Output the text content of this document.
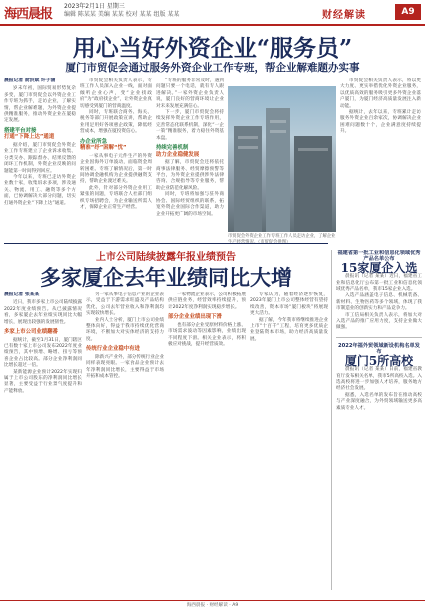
海西晨报
2023年2月1日 星期三
编辑 陈某某 美编 某某 校对 某某 组版 某某	财经解读	A9
用心当好外资企业“服务员”
厦门市贸促会通过服务外资企业工作专班，帮企业解难题办实事
晨报记者 俞洪斌 许子涵

岁末年初，国际贸易形势复杂多变，厦门市贸促会以外资企业工作专班为抓手，走访企业，了解实情，帮企业解难题，为外资企业提供精准服务，推动外资企业在厦稳定发展。

搭建平台对接
打通“下降上达”通道

据介绍，厦门市贸促会外资企业工作专班建立了企业诉求收集、分类交办、跟踪督办、结果反馈的闭环工作机制，外资企业反映的问题能第一时间得到回应。

今年以来，专班已走访外资企业数十家，收集诉求多项，涉及通关、物流、用工、融资等多个方面，已协调解决大部分问题，切实打通外资企业“下降上达”通道。

市贸促会相关负责人表示，专班工作人员深入企业一线，面对面倾听企业心声，变“企业找政府”为“政府找企业”，让外资企业真切感受到厦门的营商温度。

同时，专班联合商务、海关、税务等部门开展政策宣讲，帮助企业用足用好各项惠企政策，降低经营成本，增强在厦投资信心。

办企业所急
精准“纾”困解“忧”

一家从事电子元件生产的外资企业因海外订单波动，面临资金周转困难。专班了解情况后，第一时间协调金融机构为企业提供融资支持，帮助企业渡过难关。

此外，针对部分外资企业用工紧张的问题，专班联合人社部门组织专场招聘会，为企业输送所需人才，保障企业正常生产经营。

“专班的服务非常及时，遇到问题只要一个电话，就有专人跟进解决。”一家外资企业负责人说，厦门良好的营商环境让企业对未来发展充满信心。

下一步，厦门市贸促会将持续发挥外资企业工作专班作用，完善常态化联系机制，深化“一企一策”精准服务，着力稳住外资基本盘。

持续完善机制
助力企业稳健发展

据了解，市贸促会还将依托商事法律服务、经贸摩擦预警等平台，为外资企业提供涉外法律咨询、合规指导等专业服务，帮助企业防范化解风险。

同时，专班将加强与驻外商协会、国际经贸组织的联系，拓宽外资企业国际合作渠道，助力企业开拓更广阔的市场空间。

市贸促会外资企业工作专班工作人员走访企业，了解企业

市贸促会相关负责人表示，将以更大力度、更实举措优化外资企业服务，以优质高效的服务吸引更多外资企业落户厦门，为厦门经济高质量发展注入新动能。

据统计，去年以来，专班累计走访服务外资企业百余家次，协调解决企业困难问题数十个，企业满意度持续提升。

上市公司陆续披露年报业绩预告
多家厦企去年业绩同比大增
晨报记者 张某某

近日，我市多家上市公司陆续披露2022年度业绩预告。从已披露情况看，多家厦企去年业绩实现同比大幅增长，展现出较强的发展韧性。

多家上市公司业绩翻番

据统计，截至1月31日，厦门辖区已有数十家上市公司发布2022年度业绩预告，其中预增、略增、扭亏等预喜企业占比较高。部分企业净利润同比增长超过一倍。

某新能源企业预计2022年实现归属于上市公司股东的净利润同比增长显著，主要受益于行业景气度提升和产能释放。

另一家从事电子信息产业的企业表示，受益于下游需求旺盛及产品结构优化，公司去年营业收入和净利润均实现较快增长。

业内人士分析，厦门上市公司业绩整体向好，得益于我市持续优化营商环境，不断加大对实体经济的支持力度。

传统行业企业稳中有进

除新兴产业外，部分传统行业企业同样表现亮眼。一家食品企业预计去年净利润同比增长，主要得益于市场开拓和成本管控。

一家物流企业表示，公司积极拓展供应链业务，经营效率持续提升，预计2022年度净利润实现稳步增长。

部分企业业绩出现下滑

也有部分企业受原材料价格上涨、市场需求波动等因素影响，业绩出现不同程度下滑。相关企业表示，将积极应对挑战，提升经营质效。

专家认为，随着经济逐步恢复，2023年厦门上市公司整体经营有望持续改善，资本市场“厦门板块”将展现更大活力。

据了解，今年我市将继续推进企业上市“十百千”工程，培育更多优质企业登陆资本市场，助力经济高质量发展。

福建省第一批工业和信息化领域优秀产品名单公布
15家厦企入选

晨报讯（记者 某某）近日，福建省工业和信息化厅公布第一批工业和信息化领域优秀产品名单，我市15家企业入选。

入选产品涵盖电子信息、机械装备、新材料、生物医药等多个领域，体现了我市制造业的创新实力和产品竞争力。

市工信局相关负责人表示，将加大对入选产品的推广应用力度，支持企业做大做强。

2022年福外贸领域新设机构名单发布
厦门5所高校

晨报讯（记者 某某）日前，福建省教育厅发布相关名单，我市5所高校入选。入选高校将进一步加强人才培养，服务地方经济社会发展。

据悉，入选名单的发布旨在推动高校与产业深度融合，为外贸领域输送更多高素质专业人才。

海西晨报 · 财经解读 · A9
